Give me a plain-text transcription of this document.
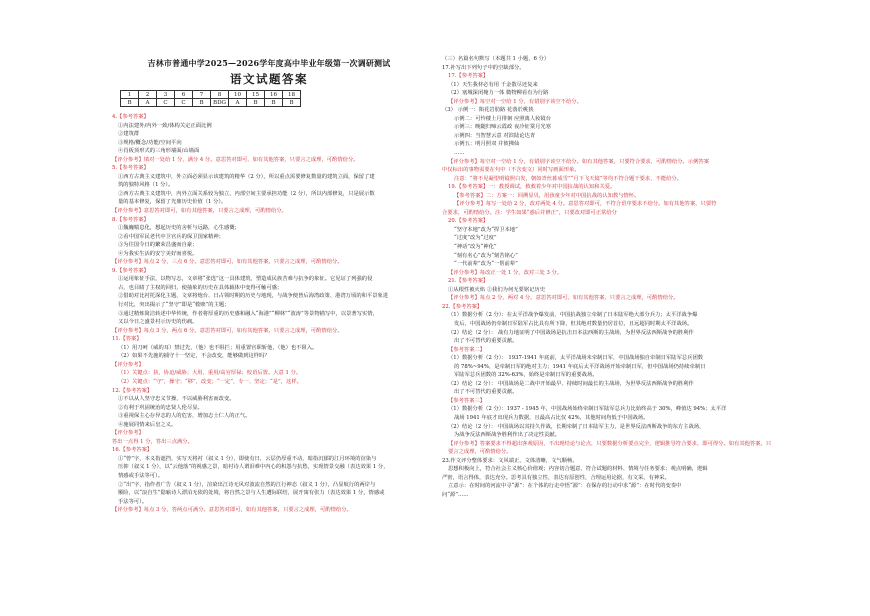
吉林市普通中学2025—2026学年度高中毕业年级第一次调研测试
语文试题答案
1	2	3	6	7	8	10	15	16	18
B	A	C	C	B	BDG	A	B	B	B
4.【参考答案】
①内法建外/内外一致/体构关定正面比例
②建筑群
③规格/概念/功能/空间平向
④肖板顶形式的三角形墙面/山墙面
【评分参考】填对一处给 1 分，满分 4 分。意思答对即可，如有其他答案，只要言之成理，可酌情给分。
5.【参考答案】
①西方古典主义建筑中，外立面必须显示该建筑的精华（2 分），所以重点需要修复数量的建筑立面，保留了建
筑的独特风格（1 分）。
②西方古典主义建筑中，内外立面关系较为独立，内部空间主要承担功能（2 分），所以内部修复，只是展示数
量的基本修复，保留了光鼎历史价值（1 分）。
【评分参考】意思答对即可，如有其他答案，只要言之成理，可酌情给分。
8.【参考答案】
①魏巍喘息化，想起历史的舍析与远路，心生感慨；
②看中国军民老代中卫官兵的保卫国家精神；
③为往国令日的繁荣昌盛而自豪；
④为我实生活的安宁美好而喜悦。
【评分参考】每点 2 分，三点 6 分。意思答对即可，如有其他答案，只要言之成理，可酌情给分。
9.【参考答案】
①运用象征手法，以物写志，文章将“张选”这一具体建筑，塑造成民族苦难与抗争的象征。它见证了列强的侵
占，也目睹了主权的回归，使抽象的历史在具体载体中变得可触可感；
②借助对比衬托深化主题，文章将炮台、日占领时期的历史与地现，与战争便皆后海湾政策、港湾万顷的和平景象进
行对比，突出揭示了“坚守”即是“救赎”的主题；
③通过精炼简洁转述中华传统，作者将厚重的历史感和融入“海港”“柳林”“波涛”等景物描写中，以景著写实情，
又以今日之盛景衬示历史的伤痛。
【评分参考】每点 3 分，两点 6 分。意思答对即可，如有其他答案，只要言之成理，可酌情给分。
11.【答案】
（1）用刀呵（威的耳）禁过先，（他）也不阻拦；用重置官职斩他，（他）也不阻入。
（2）如果不先施的捕守十一坚定，不会改变，能够做到这样吗？
【评分参考】
（1）关键点：执，协迫/威胁；大用，重用/高官厚禄；校语后置。大意 1 分。
（2）关键点：“守”，操守；“移”，改变；“一定”，专一、坚定；“是”，这样。
12.【参考答案】
①不以从人坚守忠义节操，不以威胁利害而改变。
②有利于巩固统治的忠贤人伦尽显。
③重视保主心存异志的人的危害，增加志士仁人的正气。
④施展同情来后皇之义。
【评分参考】
答出一点得 1 分，答出三点满分。
16.【参考答案】
①“曾”字，本义指遮挡，实写天将衬（叙义 1 分），即使有日，云层仍厚重不动，暗指沉郁的江月环境的渲染与
压抑（叙义 1 分），以“云他落”的视感之景，暗衬诗人谓泪难中内心的积怨与抗愁，实现情景交融（表达效果 1 分，
情感或手法等可）。
②“出”字，指作者广告（叙义 1 分），渲染出江诗无风对波流自然的江行神态（叙义 1 分），凸显航行的两岸与
顺险，以“浪自生”隐喻诗人漂泊无依的处境，将自然之景与人生遭际联结，展开寓有张力（表达效果 1 分，情感或
手法等可）。
【评分参考】每点 3 分，答两点可满分。意思答对即可，如有其他答案，只要言之成理，可酌情给分。
（三）名篇名句默写（本题共 1 小题，6 分）
17.补写出下列句子中的空缺部分。
17.【参考答案】
（1）天生我材必有用 千金散尽还复来
（2）塞城深闭掩力一体 微物柳看有为行路
【评分参考】每空对一空给 1 分，有错别字该空不给分。
（3） 示例一：陷花岩肋路 花落於桃狭
示例二：可怜楼上月徘徊 应照离人妆镜台
示例三：晚随归啼云霞政 夜冷征棠月光寒
示例四：当智慧云意 对滨陆论达青
示例五：明月照双 并彼拂仙
……
【评分参考】每空对一空给 1 分，有错别字该空不给分。如有其他答案，只要符合要求，可酌情给分。示例答案
中仅标出的事物需要在句中（不含变文）同时写画面形象。
注意：“将不见凝望明镜照白发，朝如青丝暮成雪”“月下飞天镜”等均不符合题干要求，不能给分。
19.【参考答案】一：教授调试，救救着少年对中国抗战的认知和关爱。
【参考答案】二：方案一：回溯显贝，用孩童少年对中国抗战的认知教与情怀。
【评分参考】每写一处给 2 分，改对两处 4 分。意思答对即可，不符合语序要求不给分。如有其他答案，只要符
合要求，可酌情给分。注：学生如果“惑后并修正”，只要改对即可正常给分
20.【参考答案】
“坚守本地”改为“捍卫本地”
“过度”改为“过度”
“神话”改为“神化”
“刻有名心”改为“刻苦铭心”
“一代前辈”改为“一帮前辈”
【评分参考】每改正一处 1 分，改对三处 3 分。
21.【参考答案】
①从根性被火焰 ②我们为何无要铭记历史
【评分参考】每点 2 分，两对 4 分。意思答对即可，如有其他答案，只要言之成理，可酌情给分。
22.【参考答案】
（1）数据分析（2 分）：在太平洋战争爆发前，中国抗战独立牵制了日本陆军绝大部分兵力；太平洋战争爆
发后，中国战场仍牵制日军陆军占比具有所下降，但其绝对数量仍居首位，且远超同时期太平洋战场。
（2）结论（2 分）： 战有力地证明了中国战场是抗击日本法西斯的主战场，为世界反法西斯战争的胜利作
出了不可替代的重要贡献。
【参考答案二】
（1）数据分析（2 分）： 1937-1941 年底前，太平洋战场未牵制日军，中国战场独自牵制日军陆军总兵团数
的 78%~94%，是牵制日军的绝对主力；1941 年底后太平洋战场开始牵制日军，但中国战场仍持续牵制日
军陆军总兵团数的 32%-63%，始终是牵制日军的重要战场。
（2）结论（2 分）： 中国战场是二战中开始最早、持续时间最长的主战场，为世界反法西斯战争的胜利作
出了不可替代的重要贡献。
【参考答案三】
（1）数据分析（2 分）：1937 - 1945 年，中国战场始终牵制日军陆军总兵力比始终高于 30%，峰值达 94%；太平洋
战场 1941 年底才出现兵力数据，且最高占比仅 42%，其他时间均低于中国战场。
（2）结论（2 分）： 中国战场以其持久作战，长期牵制了日本陆军主力，是世界反法西斯战争的东方主战场，
为战争反法西斯战争胜利作出了决定性贡献。
【评分参考】答案要求不得超出客观原因，不出现结论与论点，只要数据分析要点完全，逻辑推导符合要求，即可得分。如有其他答案，只
要言之成理，可酌情给分。
23.作文评分整体要求：文风端正，文体清晰，文气顺畅。
思想积极向上，符合社会主义核心价值观；内容切合题意，符合试题的材料、情境与任务要求；观点明确，逻辑
严密，语言得体，表达充分。思考具有独立性，表达有原创性，合理运用论据，有文采，有神采。
立意示：在时间的河流中寻“源”：在个体的行走中悟“源”：在保存的行动中求“源”：在时代的变奏中
问“源”……
